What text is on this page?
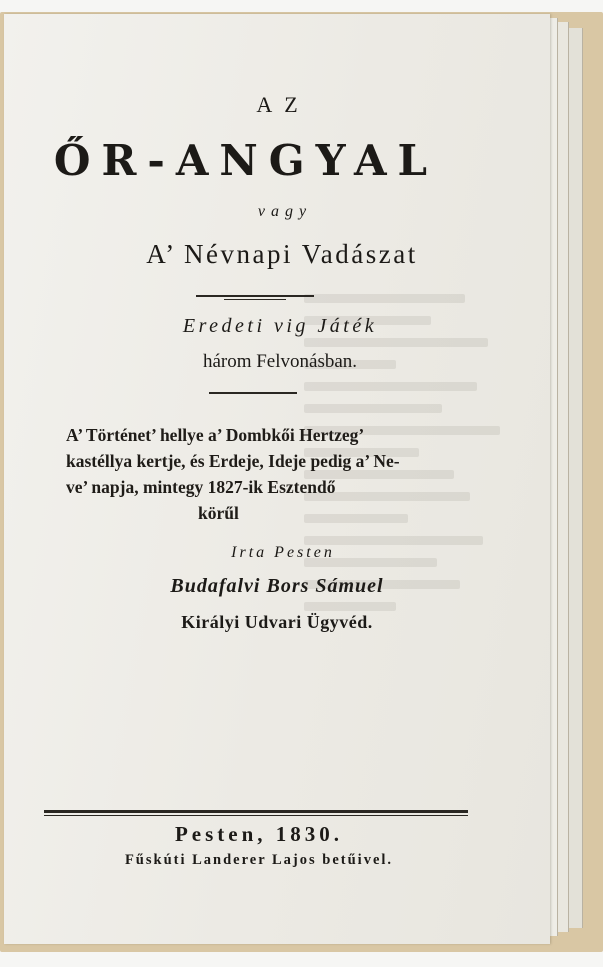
AZ
ŐR-ANGYAL
vagy
A’ Névnapi Vadászat
Eredeti vig Játék
három Felvonásban.
A’ Történet’ hellye a’ Dombkői Hertzeg’
kastéllya kertje, és Erdeje, Ideje pedig a’ Ne-
ve’ napja, mintegy 1827-ik Esztendő
körűl
Irta Pesten
Budafalvi Bors Sámuel
Királyi Udvari Ügyvéd.
Pesten, 1830.
Fűskúti Landerer Lajos betűivel.
